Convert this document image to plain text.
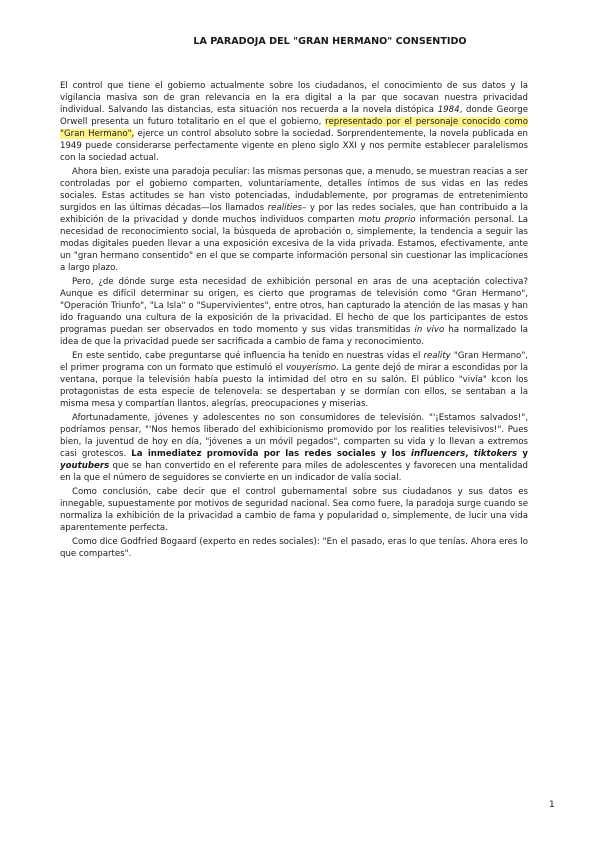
LA PARADOJA DEL "GRAN HERMANO" CONSENTIDO

El control que tiene el gobierno actualmente sobre los ciudadanos, el conocimiento de sus datos y la vigilancia masiva son de gran relevancia en la era digital a la par que socavan nuestra privacidad individual. Salvando las distancias, esta situación nos recuerda a la novela distópica 1984, donde George Orwell presenta un futuro totalitario en el que el gobierno, representado por el personaje conocido como "Gran Hermano", ejerce un control absoluto sobre la sociedad. Sorprendentemente, la novela publicada en 1949 puede considerarse perfectamente vigente en pleno siglo XXI y nos permite establecer paralelismos con la sociedad actual.

Ahora bien, existe una paradoja peculiar: las mismas personas que, a menudo, se muestran reacias a ser controladas por el gobierno comparten, voluntariamente, detalles íntimos de sus vidas en las redes sociales. Estas actitudes se han visto potenciadas, indudablemente, por programas de entretenimiento surgidos en las últimas décadas—los llamados realities– y por las redes sociales, que han contribuido a la exhibición de la privacidad y donde muchos individuos comparten motu proprio información personal. La necesidad de reconocimiento social, la búsqueda de aprobación o, simplemente, la tendencia a seguir las modas digitales pueden llevar a una exposición excesiva de la vida privada. Estamos, efectivamente, ante un "gran hermano consentido" en el que se comparte información personal sin cuestionar las implicaciones a largo plazo.

Pero, ¿de dónde surge esta necesidad de exhibición personal en aras de una aceptación colectiva? Aunque es difícil determinar su origen, es cierto que programas de televisión como "Gran Hermano", "Operación Triunfo", "La Isla" o "Supervivientes", entre otros, han capturado la atención de las masas y han ido fraguando una cultura de la exposición de la privacidad. El hecho de que los participantes de estos programas puedan ser observados en todo momento y sus vidas transmitidas in vivo ha normalizado la idea de que la privacidad puede ser sacrificada a cambio de fama y reconocimiento.

En este sentido, cabe preguntarse qué influencia ha tenido en nuestras vidas el reality "Gran Hermano", el primer programa con un formato que estimuló el vouyerismo. La gente dejó de mirar a escondidas por la ventana, porque la televisión había puesto la intimidad del otro en su salón. El público "vivía" kcon los protagonistas de esta especie de telenovela: se despertaban y se dormían con ellos, se sentaban a la misma mesa y compartían llantos, alegrías, preocupaciones y miserias.

Afortunadamente, jóvenes y adolescentes no son consumidores de televisión. "'¡Estamos salvados!", podríamos pensar, "'Nos hemos liberado del exhibicionismo promovido por los realities televisivos!". Pues bien, la juventud de hoy en día, "jóvenes a un móvil pegados", comparten su vida y lo llevan a extremos casi grotescos. La inmediatez promovida por las redes sociales y los influencers, tiktokers y youtubers que se han convertido en el referente para miles de adolescentes y favorecen una mentalidad en la que el número de seguidores se convierte en un indicador de valía social.

Como conclusión, cabe decir que el control gubernamental sobre sus ciudadanos y sus datos es innegable, supuestamente por motivos de seguridad nacional. Sea como fuere, la paradoja surge cuando se normaliza la exhibición de la privacidad a cambio de fama y popularidad o, simplemente, de lucir una vida aparentemente perfecta.

Como dice Godfried Bogaard (experto en redes sociales): "En el pasado, eras lo que tenías. Ahora eres lo que compartes".

1
